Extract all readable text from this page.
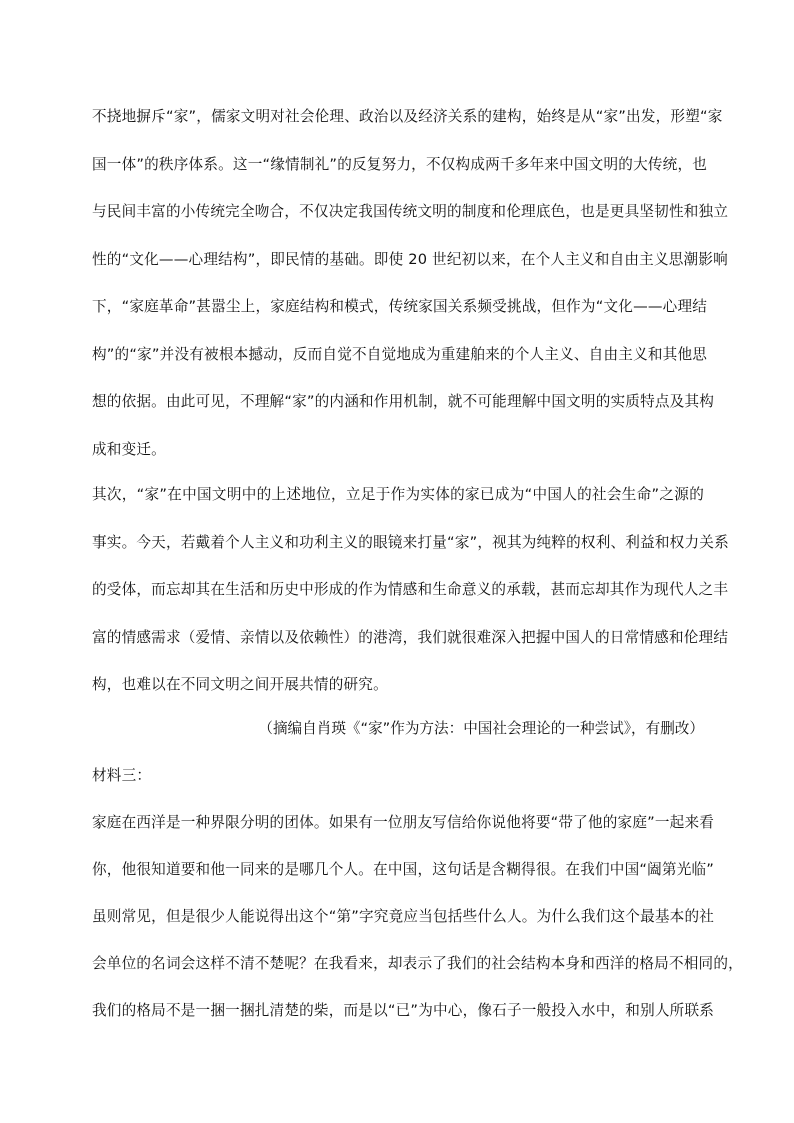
不挠地摒斥“家”，儒家文明对社会伦理、政治以及经济关系的建构，始终是从“家”出发，形塑“家
国一体”的秩序体系。这一“缘情制礼”的反复努力，不仅构成两千多年来中国文明的大传统，也
与民间丰富的小传统完全吻合，不仅决定我国传统文明的制度和伦理底色，也是更具坚韧性和独立
性的“文化——心理结构”，即民情的基础。即使 20 世纪初以来，在个人主义和自由主义思潮影响
下，“家庭革命”甚嚣尘上，家庭结构和模式，传统家国关系频受挑战，但作为“文化——心理结
构”的“家”并没有被根本撼动，反而自觉不自觉地成为重建舶来的个人主义、自由主义和其他思
想的依据。由此可见，不理解“家”的内涵和作用机制，就不可能理解中国文明的实质特点及其构
成和变迁。
其次，“家”在中国文明中的上述地位，立足于作为实体的家已成为“中国人的社会生命”之源的
事实。今天，若戴着个人主义和功利主义的眼镜来打量“家”，视其为纯粹的权利、利益和权力关系
的受体，而忘却其在生活和历史中形成的作为情感和生命意义的承载，甚而忘却其作为现代人之丰
富的情感需求（爱情、亲情以及依赖性）的港湾，我们就很难深入把握中国人的日常情感和伦理结
构，也难以在不同文明之间开展共情的研究。
（摘编自肖瑛《“家”作为方法：中国社会理论的一种尝试》，有删改）
材料三：
家庭在西洋是一种界限分明的团体。如果有一位朋友写信给你说他将要“带了他的家庭”一起来看
你，他很知道要和他一同来的是哪几个人。在中国，这句话是含糊得很。在我们中国“阖第光临”
虽则常见，但是很少人能说得出这个“第”字究竟应当包括些什么人。为什么我们这个最基本的社
会单位的名词会这样不清不楚呢？在我看来，却表示了我们的社会结构本身和西洋的格局不相同的，
我们的格局不是一捆一捆扎清楚的柴，而是以“已”为中心，像石子一般投入水中，和别人所联系
